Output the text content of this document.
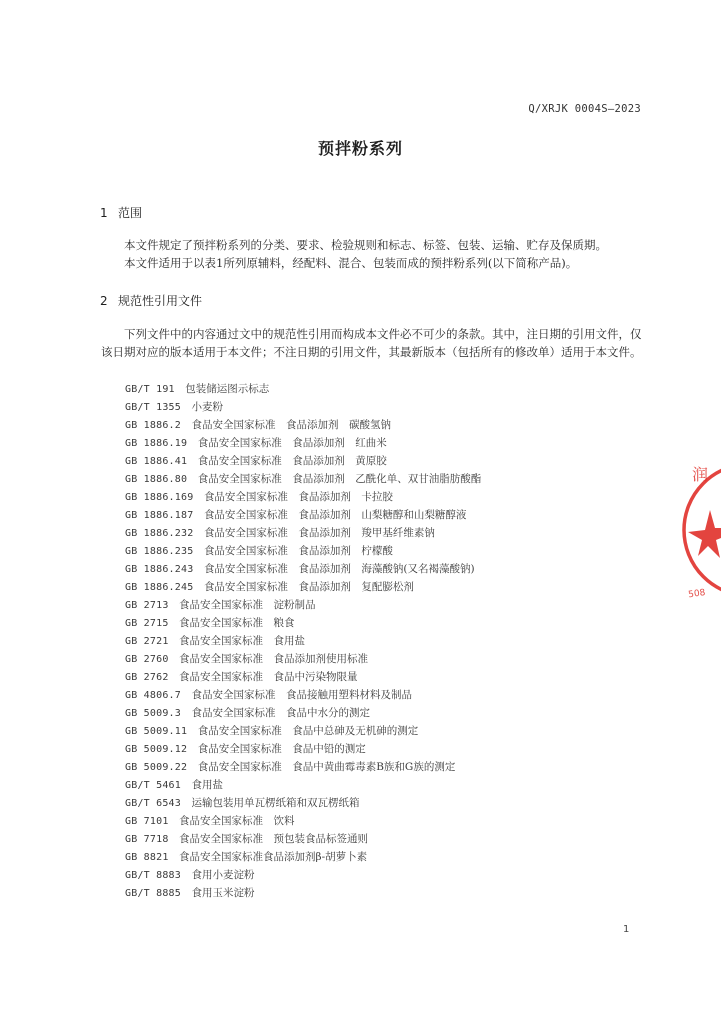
Q/XRJK 0004S—2023
预拌粉系列
1 范围

本文件规定了预拌粉系列的分类、要求、检验规则和标志、标签、包装、运输、贮存及保质期。

本文件适用于以表1所列原辅料，经配料、混合、包装而成的预拌粉系列(以下简称产品)。

2 规范性引用文件

下列文件中的内容通过文中的规范性引用而构成本文件必不可少的条款。其中，注日期的引用文件，仅该日期对应的版本适用于本文件；不注日期的引用文件，其最新版本（包括所有的修改单）适用于本文件。

GB/T 191　 包装储运图示标志
GB/T 1355　 小麦粉
GB 1886.2　 食品安全国家标准　食品添加剂　碳酸氢钠
GB 1886.19　 食品安全国家标准　食品添加剂　红曲米
GB 1886.41　 食品安全国家标准　食品添加剂　黄原胶
GB 1886.80　 食品安全国家标准　食品添加剂　乙酰化单、双甘油脂肪酸酯
GB 1886.169　 食品安全国家标准　食品添加剂　卡拉胶
GB 1886.187　 食品安全国家标准　食品添加剂　山梨糖醇和山梨糖醇液
GB 1886.232　 食品安全国家标准　食品添加剂　羧甲基纤维素钠
GB 1886.235　 食品安全国家标准　食品添加剂　柠檬酸
GB 1886.243　 食品安全国家标准　食品添加剂　海藻酸钠(又名褐藻酸钠)
GB 1886.245　 食品安全国家标准　食品添加剂　复配膨松剂
GB 2713　 食品安全国家标准　淀粉制品
GB 2715　 食品安全国家标准　粮食
GB 2721　 食品安全国家标准　食用盐
GB 2760　 食品安全国家标准　食品添加剂使用标准
GB 2762　 食品安全国家标准　食品中污染物限量
GB 4806.7　 食品安全国家标准　食品接触用塑料材料及制品
GB 5009.3　 食品安全国家标准　食品中水分的测定
GB 5009.11　 食品安全国家标准　食品中总砷及无机砷的测定
GB 5009.12　 食品安全国家标准　食品中铅的测定
GB 5009.22　 食品安全国家标准　食品中黄曲霉毒素B族和G族的测定
GB/T 5461　 食用盐
GB/T 6543　 运输包装用单瓦楞纸箱和双瓦楞纸箱
GB 7101　 食品安全国家标准　饮料
GB 7718　 食品安全国家标准　预包装食品标签通则
GB 8821　 食品安全国家标准食品添加剂β-胡萝卜素
GB/T 8883　 食用小麦淀粉
GB/T 8885　 食用玉米淀粉
1
润
508
